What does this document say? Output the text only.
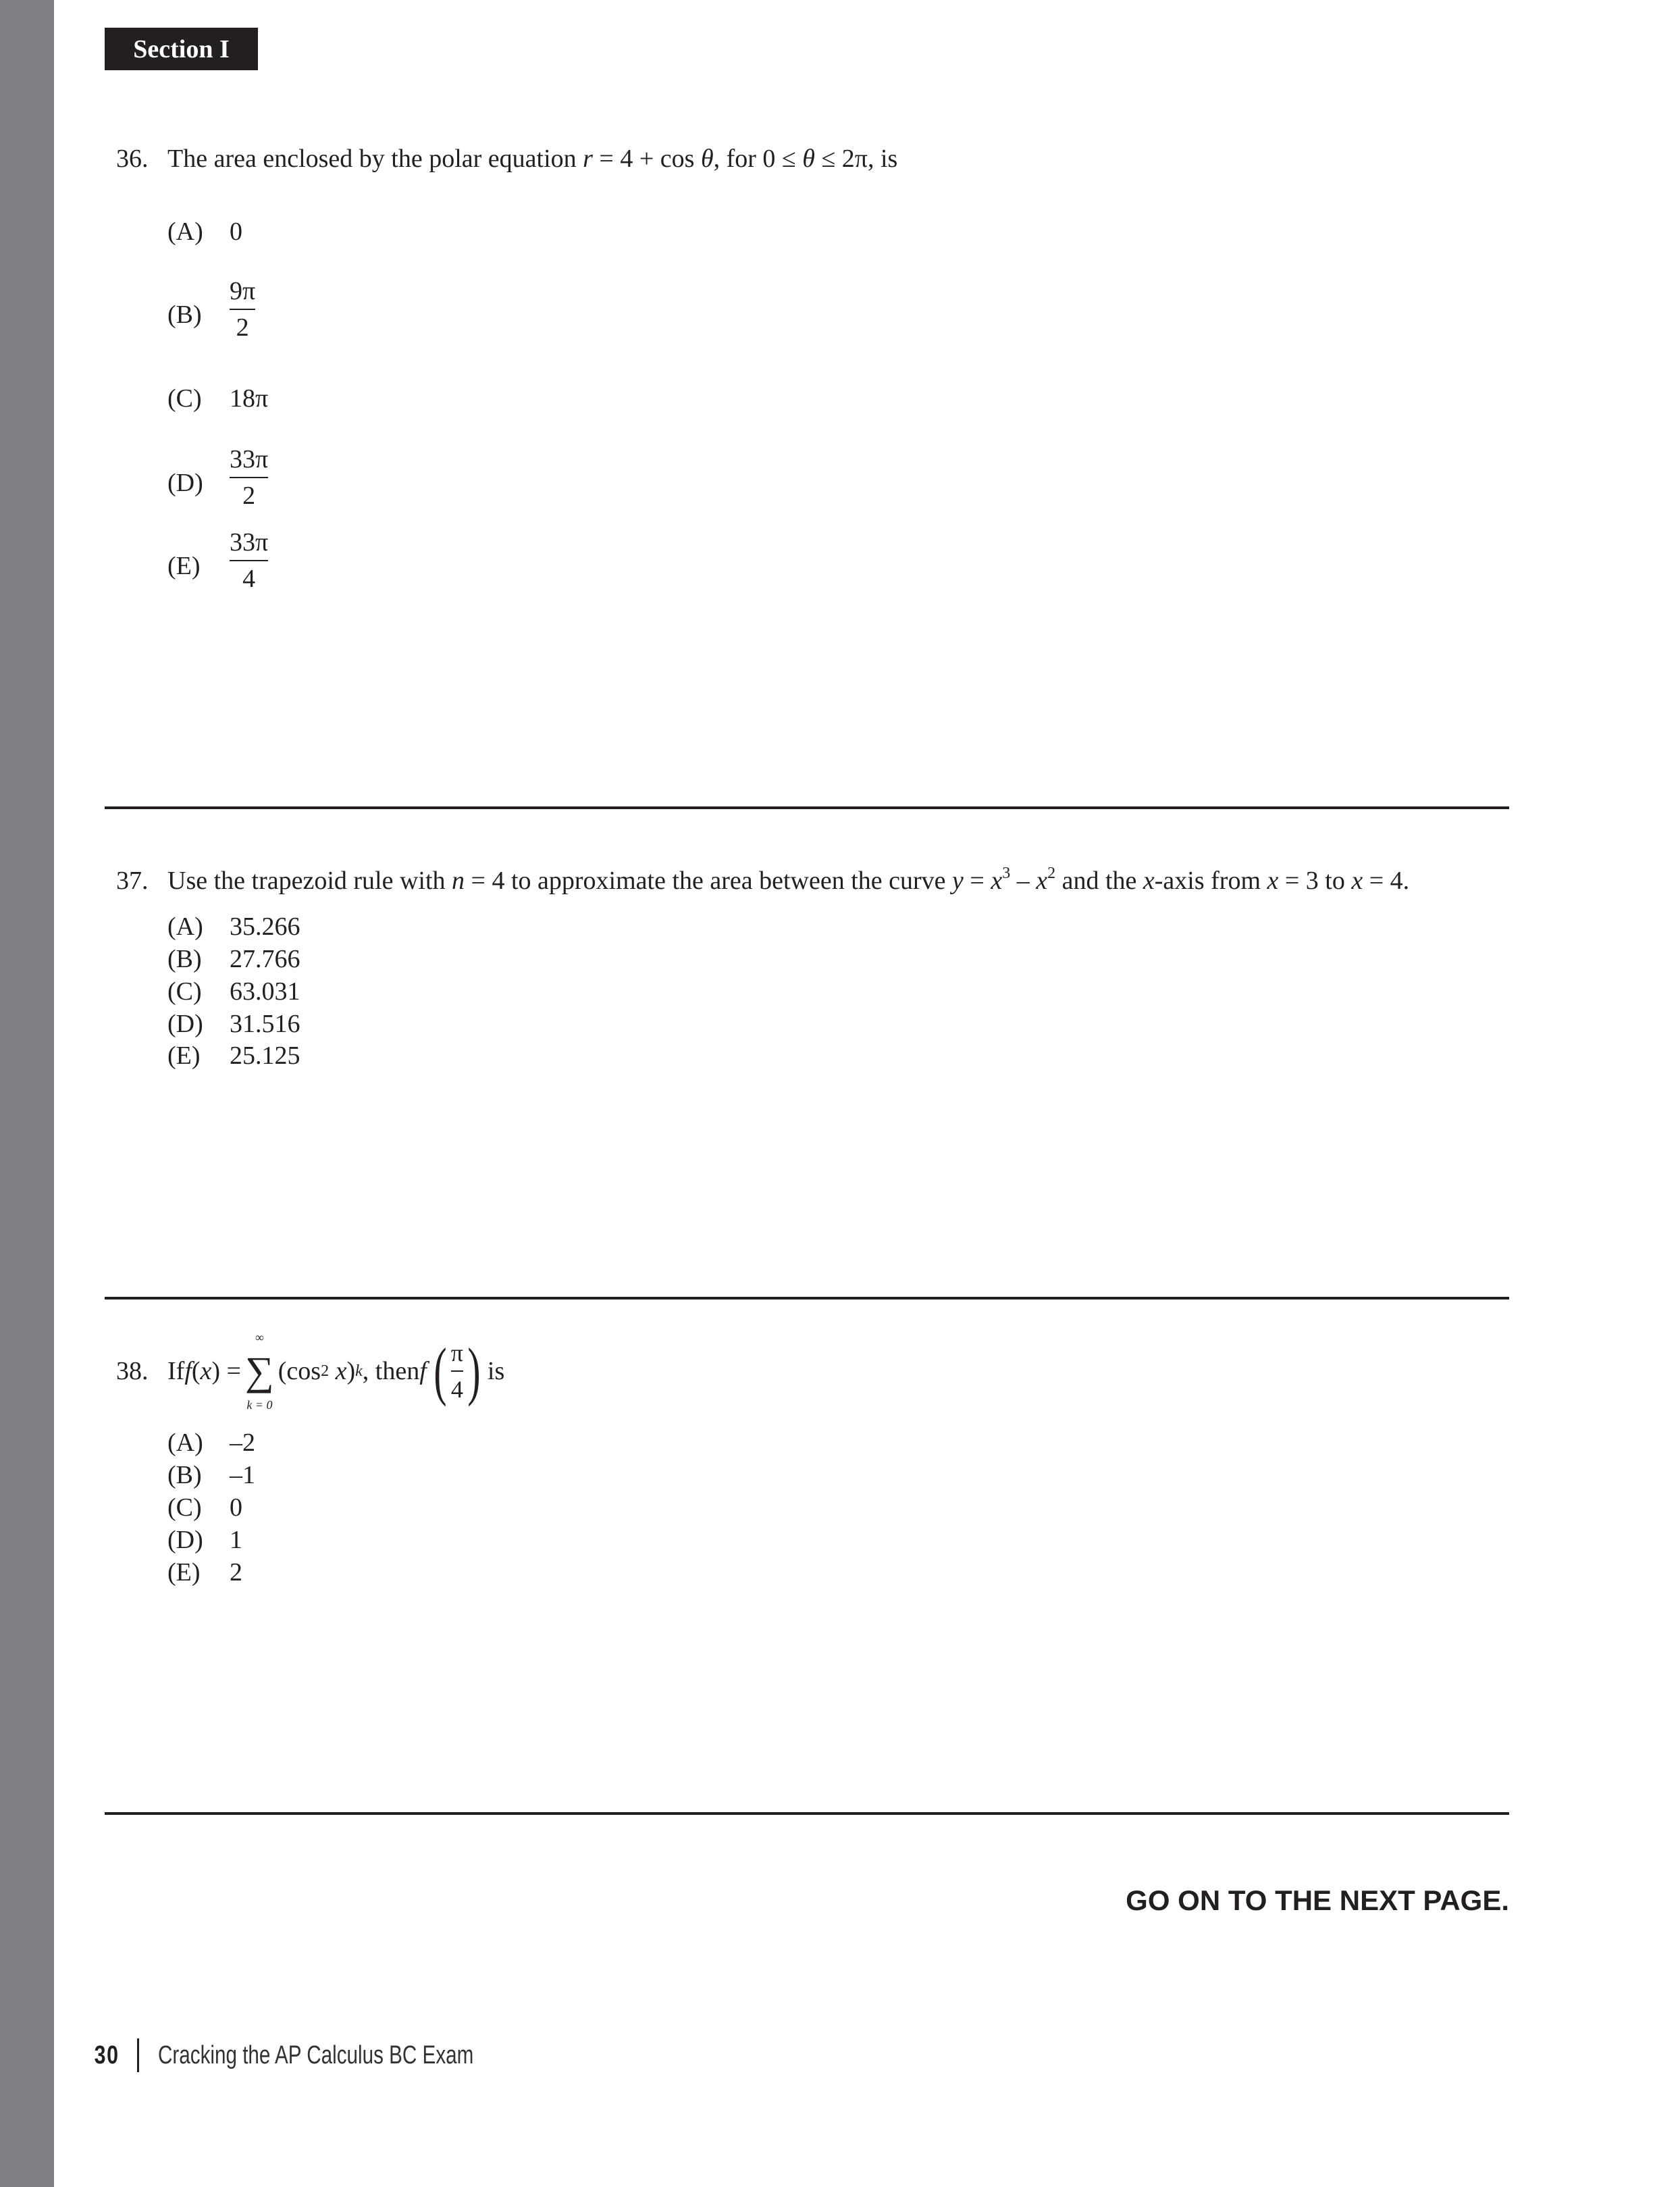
Section I
36. The area enclosed by the polar equation r = 4 + cos θ, for 0 ≤ θ ≤ 2π, is
(A) 0
(B)
9π
2
(C) 18π
(D)
33π
2
(E)
33π
4
37. Use the trapezoid rule with n = 4 to approximate the area between the curve $y = x^3 - x^2$ and the x-axis from x = 3 to x = 4.
(A) 35.266
(B) 27.766
(C) 63.031
(D) 31.516
(E) 25.125
38. If f ( x ) =
∞
∑
k = 0
(cos 2
x ) k , then f ( π
4 ) is
(A) –2
(B) –1
(C) 0
(D) 1
(E) 2
GO ON TO THE NEXT PAGE.
30 Cracking the AP Calculus BC Exam
